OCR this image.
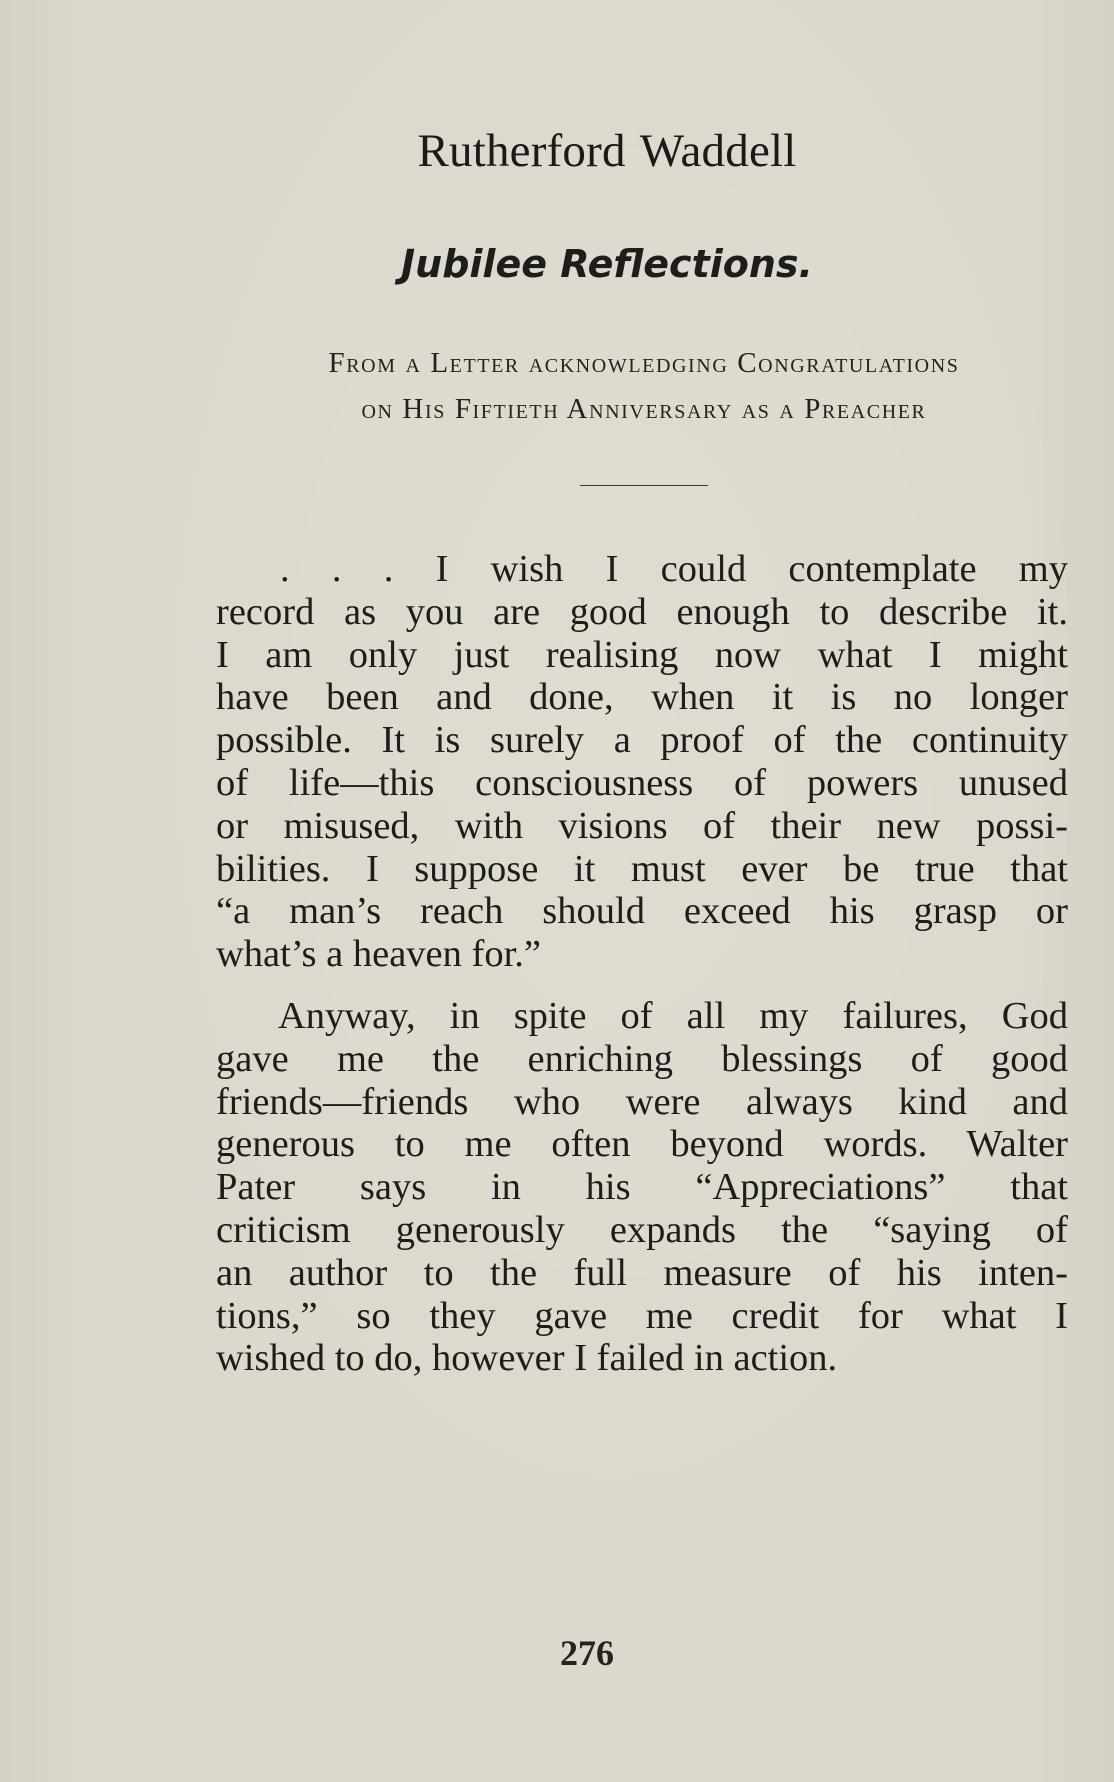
Rutherford Waddell
Jubilee Reflections.
From a Letter acknowledging Congratulations
on His Fiftieth Anniversary as a Preacher

. . . I wish I could contemplate my
record as you are good enough to describe it.
I am only just realising now what I might
have been and done, when it is no longer
possible. It is surely a proof of the continuity
of life—this consciousness of powers unused
or misused, with visions of their new possi-
bilities. I suppose it must ever be true that
“a man’s reach should exceed his grasp or
what’s a heaven for.”

Anyway, in spite of all my failures, God
gave me the enriching blessings of good
friends—friends who were always kind and
generous to me often beyond words. Walter
Pater says in his “Appreciations” that
criticism generously expands the “saying of
an author to the full measure of his inten-
tions,” so they gave me credit for what I
wished to do, however I failed in action.

276
